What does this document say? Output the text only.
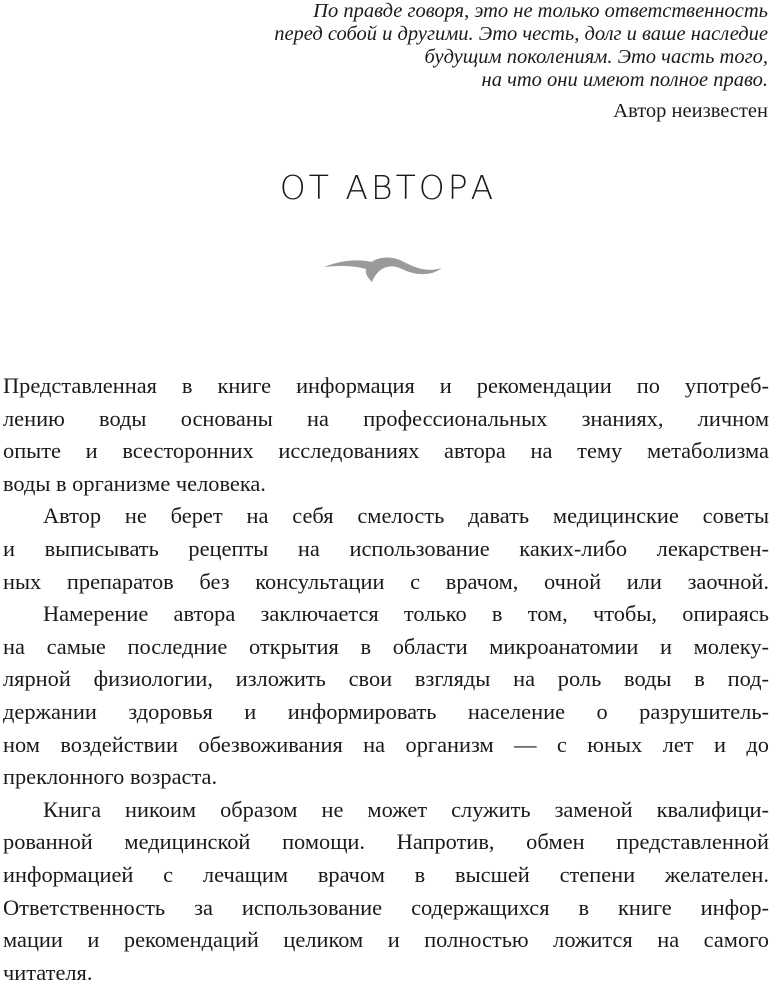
По правде говоря, это не только ответственность
перед собой и другими. Это честь, долг и ваше наследие
будущим поколениям. Это часть того,
на что они имеют полное право.
Автор неизвестен
ОТ АВТОРА
Представленная в книге информация и рекомендации по употреб-
лению воды основаны на профессиональных знаниях, личном
опыте и всесторонних исследованиях автора на тему метаболизма
воды в организме человека.
Автор не берет на себя смелость давать медицинские советы
и выписывать рецепты на использование каких-либо лекарствен-
ных препаратов без консультации с врачом, очной или заочной.
Намерение автора заключается только в том, чтобы, опираясь
на самые последние открытия в области микроанатомии и молеку-
лярной физиологии, изложить свои взгляды на роль воды в под-
держании здоровья и информировать население о разрушитель-
ном воздействии обезвоживания на организм — с юных лет и до
преклонного возраста.
Книга никоим образом не может служить заменой квалифици-
рованной медицинской помощи. Напротив, обмен представленной
информацией с лечащим врачом в высшей степени желателен.
Ответственность за использование содержащихся в книге инфор-
мации и рекомендаций целиком и полностью ложится на самого
читателя.
